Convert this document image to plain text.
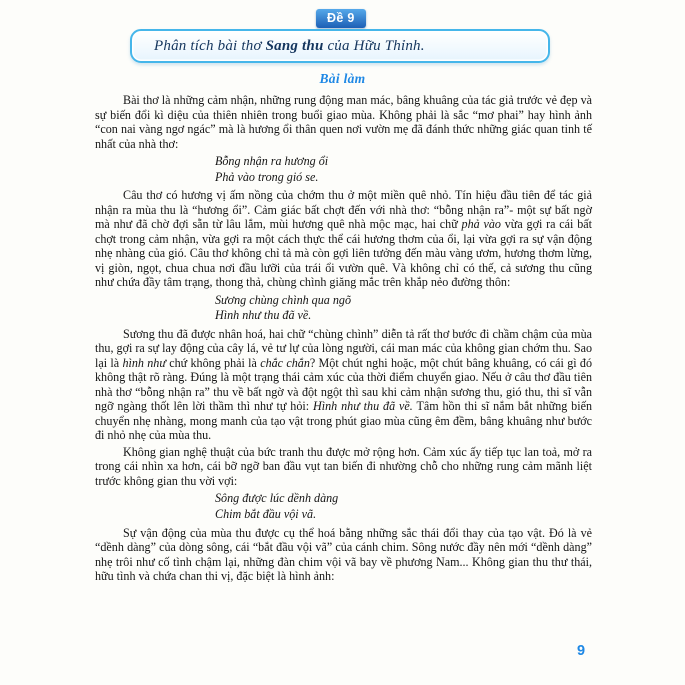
Đề 9
Phân tích bài thơ Sang thu của Hữu Thỉnh.
Bài làm

Bài thơ là những cảm nhận, những rung động man mác, bâng khuâng của tác giả trước vẻ đẹp và sự biến đổi kì diệu của thiên nhiên trong buổi giao mùa. Không phải là sắc “mơ phai” hay hình ảnh “con nai vàng ngơ ngác” mà là hương ổi thân quen nơi vườn mẹ đã đánh thức những giác quan tinh tế nhất của nhà thơ:

Bỗng nhận ra hương ổi
Phả vào trong gió se.

Câu thơ có hương vị ấm nồng của chớm thu ở một miền quê nhỏ. Tín hiệu đầu tiên để tác giả nhận ra mùa thu là “hương ổi”. Cảm giác bất chợt đến với nhà thơ: “bỗng nhận ra”- một sự bất ngờ mà như đã chờ đợi sẵn từ lâu lắm, mùi hương quê nhà mộc mạc, hai chữ phả vào vừa gợi ra cái bất chợt trong cảm nhận, vừa gợi ra một cách thực thể cái hương thơm của ổi, lại vừa gợi ra sự vận động nhẹ nhàng của gió. Câu thơ không chỉ tả mà còn gợi liên tưởng đến màu vàng ươm, hương thơm lừng, vị giòn, ngọt, chua chua nơi đầu lưỡi của trái ổi vườn quê. Và không chỉ có thế, cả sương thu cũng như chứa đầy tâm trạng, thong thả, chùng chình giăng mắc trên khắp nẻo đường thôn:

Sương chùng chình qua ngõ
Hình như thu đã về.

Sương thu đã được nhân hoá, hai chữ “chùng chình” diễn tả rất thơ bước đi chầm chậm của mùa thu, gợi ra sự lay động của cây lá, vẻ tư lự của lòng người, cái man mác của không gian chớm thu. Sao lại là hình như chứ không phải là chắc chắn? Một chút nghi hoặc, một chút bâng khuâng, có cái gì đó không thật rõ ràng. Đúng là một trạng thái cảm xúc của thời điểm chuyển giao. Nếu ở câu thơ đầu tiên nhà thơ “bỗng nhận ra” thu về bất ngờ và đột ngột thì sau khi cảm nhận sương thu, gió thu, thi sĩ vẫn ngỡ ngàng thốt lên lời thầm thì như tự hỏi: Hình như thu đã về. Tâm hồn thi sĩ nắm bắt những biến chuyển nhẹ nhàng, mong manh của tạo vật trong phút giao mùa cũng êm đềm, bâng khuâng như bước đi nhỏ nhẹ của mùa thu.

Không gian nghệ thuật của bức tranh thu được mở rộng hơn. Cảm xúc ấy tiếp tục lan toả, mở ra trong cái nhìn xa hơn, cái bỡ ngỡ ban đầu vụt tan biến đi nhường chỗ cho những rung cảm mãnh liệt trước không gian thu vời vợi:

Sông được lúc dềnh dàng
Chim bắt đầu vội vã.

Sự vận động của mùa thu được cụ thể hoá bằng những sắc thái đổi thay của tạo vật. Đó là vẻ “dềnh dàng” của dòng sông, cái “bắt đầu vội vã” của cánh chim. Sông nước đầy nên mới “dềnh dàng” nhẹ trôi như cố tình chậm lại, những đàn chim vội vã bay về phương Nam... Không gian thu thư thái, hữu tình và chứa chan thi vị, đặc biệt là hình ảnh:

9
